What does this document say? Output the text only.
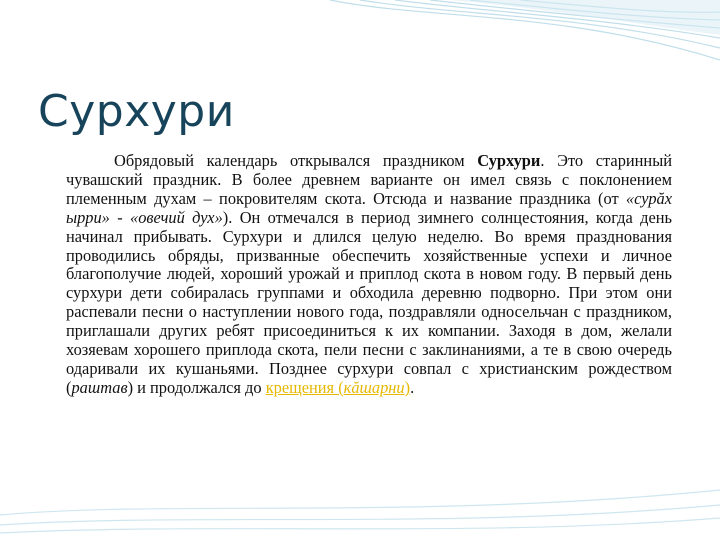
Сурхури

Обрядовый календарь открывался праздником Сурхури. Это старинный чувашский праздник. В более древнем варианте он имел связь с поклонением племенным духам – покровителям скота. Отсюда и название праздника (от «сурăх ырри» - «овечий дух»). Он отмечался в период зимнего солнцестояния, когда день начинал прибывать. Сурхури и длился целую неделю. Во время празднования проводились обряды, призванные обеспечить хозяйственные успехи и личное благополучие людей, хороший урожай и приплод скота в новом году. В первый день сурхури дети собиралась группами и обходила деревню подворно. При этом они распевали песни о наступлении нового года, поздравляли односельчан с праздником, приглашали других ребят присоединиться к их компании. Заходя в дом, желали хозяевам хорошего приплода скота, пели песни с заклинаниями, а те в свою очередь одаривали их кушаньями. Позднее сурхури совпал с христианским рождеством (раштав) и продолжался до крещения (кăшарни).
